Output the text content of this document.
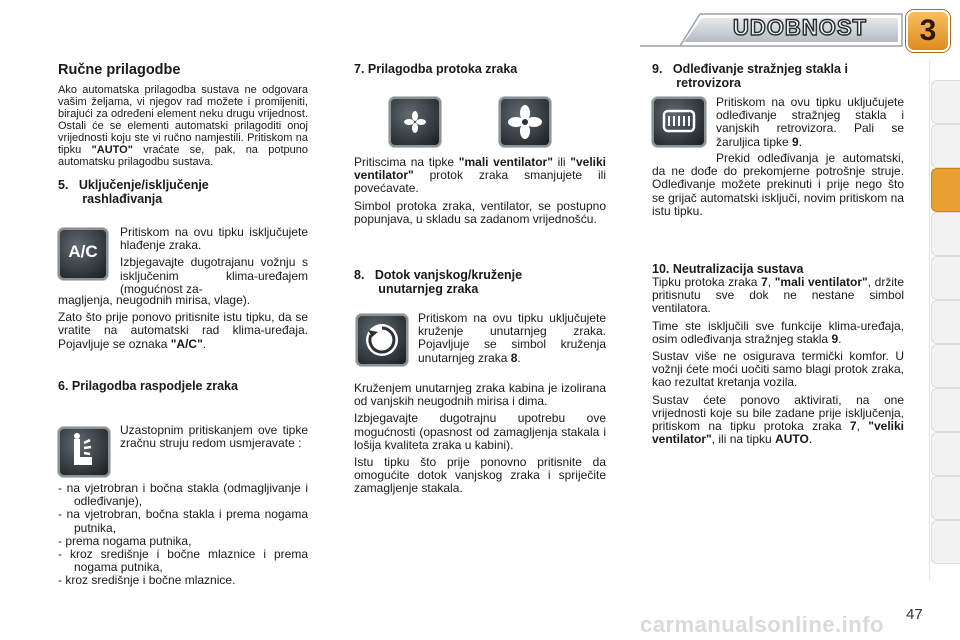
UDOBNOST	3
Ručne prilagodbe

Ako automatska prilagodba sustava ne odgovara vašim željama, vi njegov rad možete i promijeniti, birajući za određeni element neku drugu vrijednost. Ostali će se elementi automatski prilagoditi onoj vrijednosti koju ste vi ručno namjestili. Pritiskom na tipku "AUTO" vraćate se, pak, na potpuno automatsku prilagodbu sustava.

5.   Uključenje/isključenje
rashlađivanja
A/C

Pritiskom na ovu tipku isključujete hlađenje zraka.

Izbjegavajte dugotrajanu vožnju s isključenim klima-uređajem (mogućnost za-

magljenja, neugodnih mirisa, vlage).

Zato što prije ponovo pritisnite istu tipku, da se vratite na automatski rad klima-uređaja. Pojavljuje se oznaka "A/C".

6. Prilagodba raspodjele zraka

Uzastopnim pritiskanjem ove tipke zračnu struju redom usmjeravate :

- na vjetrobran i bočna stakla (odmagljivanje i odleđivanje),

- na vjetrobran, bočna stakla i prema nogama putnika,

- prema nogama putnika,

- kroz središnje i bočne mlaznice i prema nogama putnika,

- kroz središnje i bočne mlaznice.

7. Prilagodba protoka zraka

Pritiscima na tipke "mali ventilator" ili "veliki ventilator" protok zraka smanjujete ili povećavate.

Simbol protoka zraka, ventilator, se postupno popunjava, u skladu sa zadanom vrijednošću.

8.   Dotok vanjskog/kruženje
unutarnjeg zraka

Pritiskom na ovu tipku uključujete kruženje unutarnjeg zraka. Pojavljuje se simbol kruženja unutarnjeg zraka 8.

Kruženjem unutarnjeg zraka kabina je izolirana od vanjskih neugodnih mirisa i dima.

Izbjegavajte dugotrajnu upotrebu ove mogućnosti (opasnost od zamagljenja stakala i lošija kvaliteta zraka u kabini).

Istu tipku što prije ponovno pritisnite da omogućite dotok vanjskog zraka i spriječite zamagljenje stakala.

9.   Odleđivanje stražnjeg stakla i
retrovizora

Pritiskom na ovu tipku uključujete odleđivanje stražnjeg stakla i vanjskih retrovizora. Pali se žaruljica tipke 9.

Prekid odleđivanja je automatski, da ne dođe do prekomjerne potrošnje struje. Odleđivanje možete prekinuti i prije nego što se grijač automatski isključi, novim pritiskom na istu tipku.

10. Neutralizacija sustava

Tipku protoka zraka 7, "mali ventilator", držite pritisnutu sve dok ne nestane simbol ventilatora.

Time ste isključili sve funkcije klima-uređaja, osim odleđivanja stražnjeg stakla 9.

Sustav više ne osigurava termički komfor. U vožnji ćete moći uočiti samo blagi protok zraka, kao rezultat kretanja vozila.

Sustav ćete ponovo aktivirati, na one vrijednosti koje su bile zadane prije isključenja, pritiskom na tipku protoka zraka 7, "veliki ventilator", ili na tipku AUTO.

47
carmanualsonline.info
